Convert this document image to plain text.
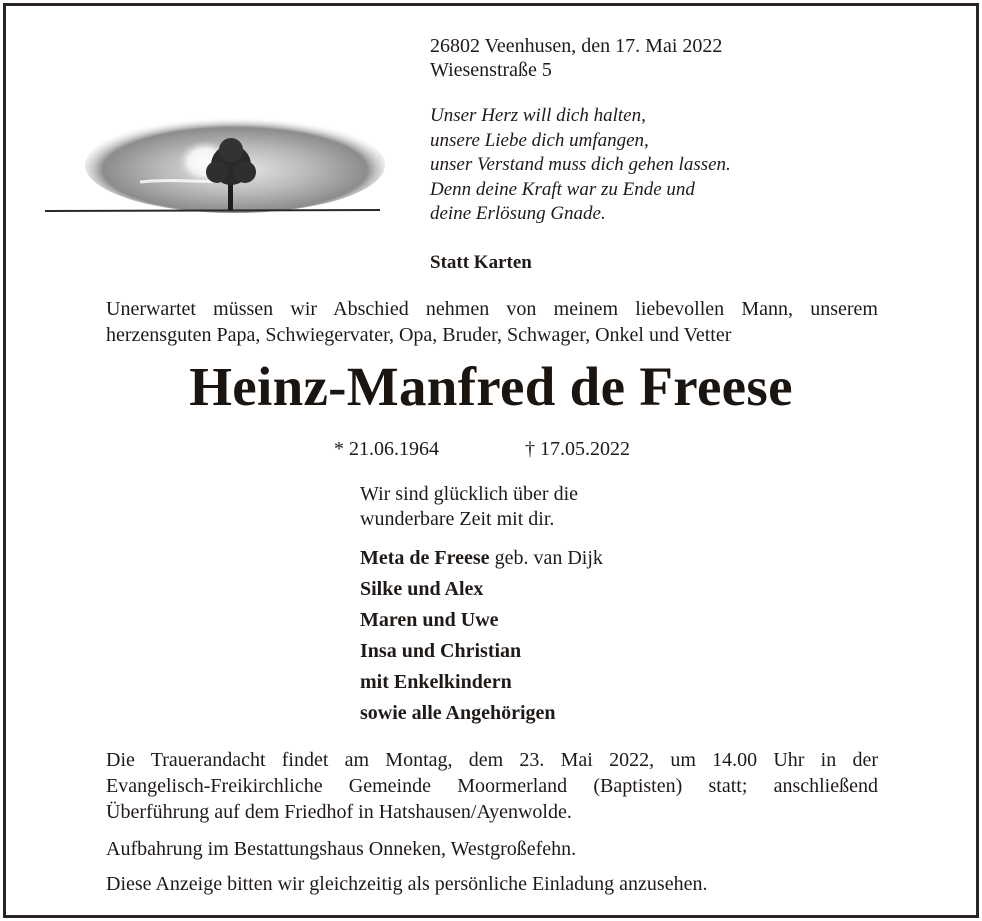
26802 Veenhusen, den 17. Mai 2022
Wiesenstraße 5
Unser Herz will dich halten,
unsere Liebe dich umfangen,
unser Verstand muss dich gehen lassen.
Denn deine Kraft war zu Ende und
deine Erlösung Gnade.
Statt Karten
Unerwartet müssen wir Abschied nehmen von meinem liebevollen Mann, unserem
herzensguten Papa, Schwiegervater, Opa, Bruder, Schwager, Onkel und Vetter
Heinz-Manfred de Freese
* 21.06.1964	† 17.05.2022
Wir sind glücklich über die
wunderbare Zeit mit dir.
Meta de Freese geb. van Dijk
Silke und Alex
Maren und Uwe
Insa und Christian
mit Enkelkindern
sowie alle Angehörigen
Die Trauerandacht findet am Montag, dem 23. Mai 2022, um 14.00 Uhr in der
Evangelisch-Freikirchliche Gemeinde Moormerland (Baptisten) statt; anschließend
Überführung auf dem Friedhof in Hatshausen/Ayenwolde.
Aufbahrung im Bestattungshaus Onneken, Westgroßefehn.
Diese Anzeige bitten wir gleichzeitig als persönliche Einladung anzusehen.
